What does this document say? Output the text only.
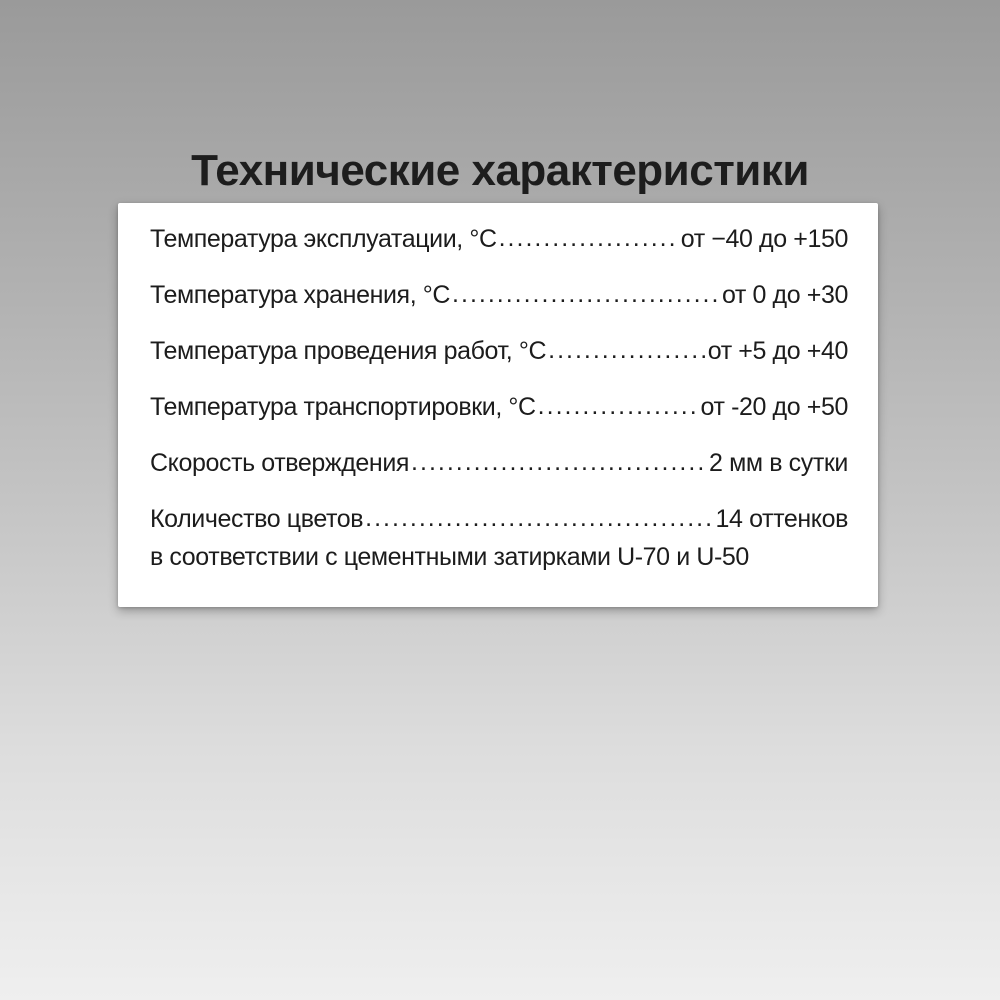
Технические характеристики
Температура эксплуатации, °С .....	от −40 до +150
Температура хранения, °С .....	от 0 до +30
Температура проведения работ, °С .....	от +5 до +40
Температура транспортировки, °С .....	от -20 до +50
Скорость отверждения .....	2 мм в сутки
Количество цветов .....	14 оттенков
в соответствии с цементными затирками U-70 и U-50
